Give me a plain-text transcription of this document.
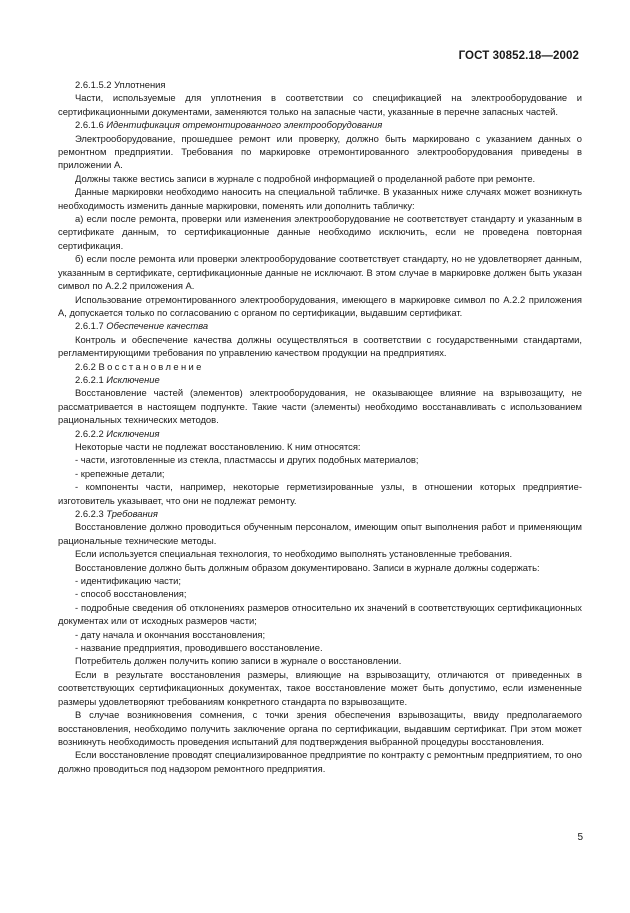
ГОСТ 30852.18—2002

2.6.1.5.2 Уплотнения

Части, используемые для уплотнения в соответствии со спецификацией на электрооборудование и сертификационными документами, заменяются только на запасные части, указанные в перечне запасных частей.

2.6.1.6 Идентификация отремонтированного электрооборудования

Электрооборудование, прошедшее ремонт или проверку, должно быть маркировано с указанием данных о ремонтном предприятии. Требования по маркировке отремонтированного электрооборудования приведены в приложении А.

Должны также вестись записи в журнале с подробной информацией о проделанной работе при ремонте.

Данные маркировки необходимо наносить на специальной табличке. В указанных ниже случаях может возникнуть необходимость изменить данные маркировки, поменять или дополнить табличку:

а) если после ремонта, проверки или изменения электрооборудование не соответствует стандарту и указанным в сертификате данным, то сертификационные данные необходимо исключить, если не проведена повторная сертификация.

б) если после ремонта или проверки электрооборудование соответствует стандарту, но не удовлетворяет данным, указанным в сертификате, сертификационные данные не исключают. В этом случае в маркировке должен быть указан символ по А.2.2 приложения А.

Использование отремонтированного электрооборудования, имеющего в маркировке символ по А.2.2 приложения А, допускается только по согласованию с органом по сертификации, выдавшим сертификат.

2.6.1.7 Обеспечение качества

Контроль и обеспечение качества должны осуществляться в соответствии с государственными стандартами, регламентирующими требования по управлению качеством продукции на предприятиях.

2.6.2 Восстановление

2.6.2.1 Исключение

Восстановление частей (элементов) электрооборудования, не оказывающее влияние на взрывозащиту, не рассматривается в настоящем подпункте. Такие части (элементы) необходимо восстанавливать с использованием рациональных технических методов.

2.6.2.2 Исключения

Некоторые части не подлежат восстановлению. К ним относятся:

- части, изготовленные из стекла, пластмассы и других подобных материалов;

- крепежные детали;

- компоненты части, например, некоторые герметизированные узлы, в отношении которых предприятие-изготовитель указывает, что они не подлежат ремонту.

2.6.2.3 Требования

Восстановление должно проводиться обученным персоналом, имеющим опыт выполнения работ и применяющим рациональные технические методы.

Если используется специальная технология, то необходимо выполнять установленные требования.

Восстановление должно быть должным образом документировано. Записи в журнале должны содержать:

- идентификацию части;

- способ восстановления;

- подробные сведения об отклонениях размеров относительно их значений в соответствующих сертификационных документах или от исходных размеров части;

- дату начала и окончания восстановления;

- название предприятия, проводившего восстановление.

Потребитель должен получить копию записи в журнале о восстановлении.

Если в результате восстановления размеры, влияющие на взрывозащиту, отличаются от приведенных в соответствующих сертификационных документах, такое восстановление может быть допустимо, если измененные размеры удовлетворяют требованиям конкретного стандарта по взрывозащите.

В случае возникновения сомнения, с точки зрения обеспечения взрывозащиты, ввиду предполагаемого восстановления, необходимо получить заключение органа по сертификации, выдавшим сертификат. При этом может возникнуть необходимость проведения испытаний для подтверждения выбранной процедуры восстановления.

Если восстановление проводят специализированное предприятие по контракту с ремонтным предприятием, то оно должно проводиться под надзором ремонтного предприятия.

5
